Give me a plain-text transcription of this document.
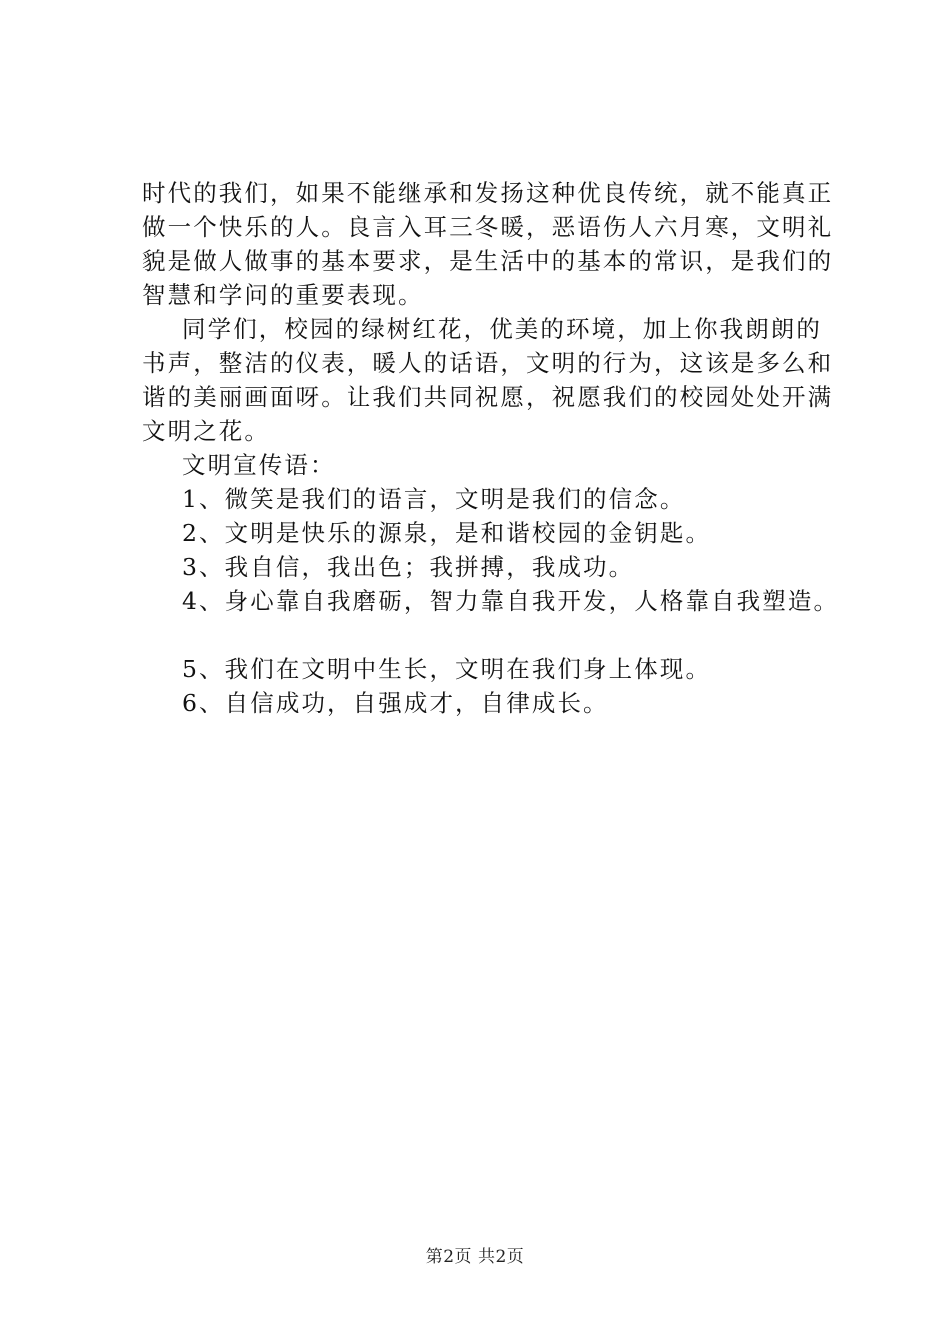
时代的我们，如果不能继承和发扬这种优良传统，就不能真正
做一个快乐的人。良言入耳三冬暖，恶语伤人六月寒，文明礼
貌是做人做事的基本要求，是生活中的基本的常识，是我们的
智慧和学问的重要表现。
同学们，校园的绿树红花，优美的环境，加上你我朗朗的
书声，整洁的仪表，暖人的话语，文明的行为，这该是多么和
谐的美丽画面呀。让我们共同祝愿，祝愿我们的校园处处开满
文明之花。
文明宣传语：
1、微笑是我们的语言，文明是我们的信念。
2、文明是快乐的源泉，是和谐校园的金钥匙。
3、我自信，我出色；我拼搏，我成功。
4、身心靠自我磨砺，智力靠自我开发，人格靠自我塑造。
5、我们在文明中生长，文明在我们身上体现。
6、自信成功，自强成才，自律成长。
第2页 共2页
